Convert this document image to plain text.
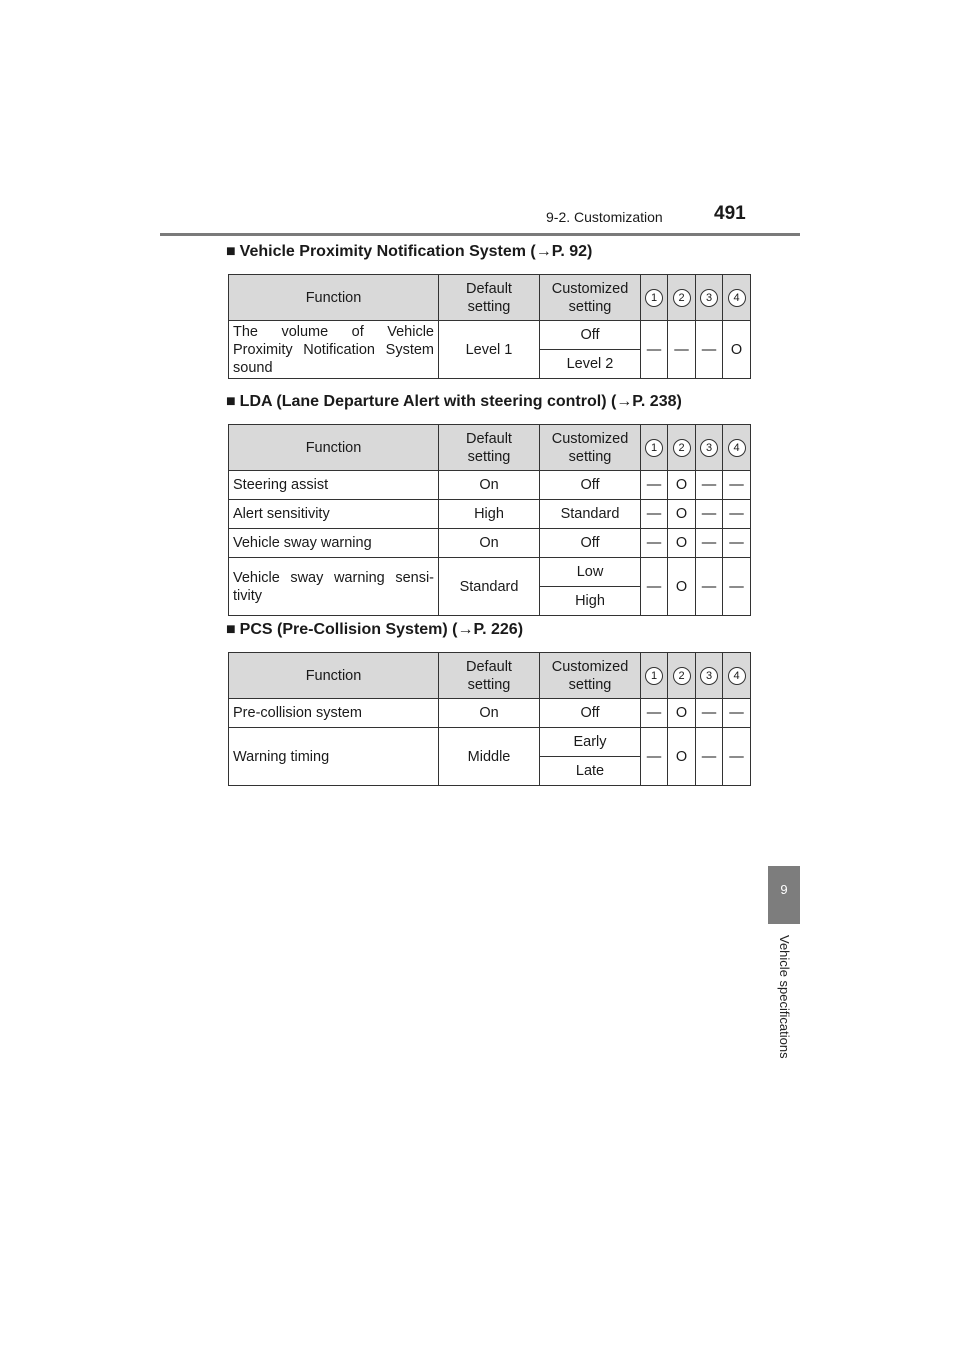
9-2. Customization	491
9
Vehicle specifications
■ Vehicle Proximity Notification System (→P. 92)
Function	Default setting	Customized setting	1	2	3	4
The volume of Vehicle Proximity Notification System sound	Level 1	Off	—	—	—	O
		Level 2				
■ LDA (Lane Departure Alert with steering control) (→P. 238)
Function	Default setting	Customized setting	1	2	3	4
Steering assist	On	Off	—	O	—	—
Alert sensitivity	High	Standard	—	O	—	—
Vehicle sway warning	On	Off	—	O	—	—
Vehicle sway warning sensi-tivity	Standard	Low	—	O	—	—
		High				
■ PCS (Pre-Collision System) (→P. 226)
Function	Default setting	Customized setting	1	2	3	4
Pre-collision system	On	Off	—	O	—	—
Warning timing	Middle	Early	—	O	—	—
		Late				
